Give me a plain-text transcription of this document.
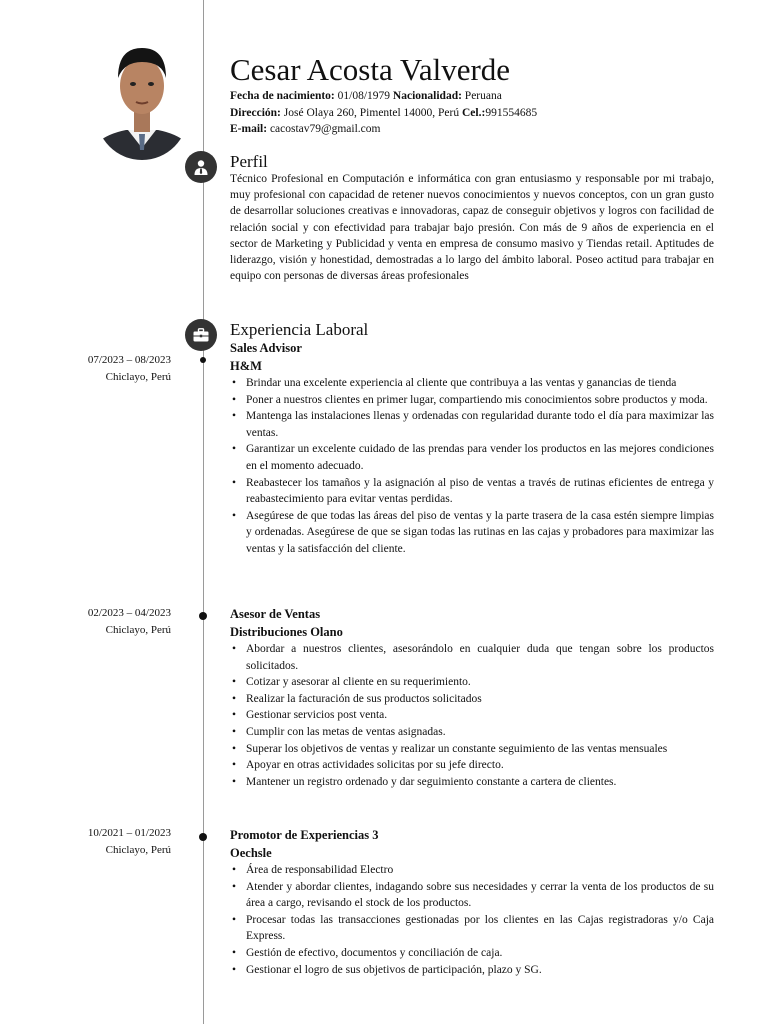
Cesar Acosta Valverde
Fecha de nacimiento: 01/08/1979 Nacionalidad: Peruana
Dirección: José Olaya 260, Pimentel 14000, Perú Cel.:991554685
E-mail: cacostav79@gmail.com
Perfil

Técnico Profesional en Computación e informática con gran entusiasmo y responsable por mi trabajo, muy profesional con capacidad de retener nuevos conocimientos y nuevos conceptos, con un gran gusto de desarrollar soluciones creativas e innovadoras, capaz de conseguir objetivos y logros con facilidad de relación social y con efectividad para trabajar bajo presión. Con más de 9 años de experiencia en el sector de Marketing y Publicidad y venta en empresa de consumo masivo y Tiendas retail. Aptitudes de liderazgo, visión y honestidad, demostradas a lo largo del ámbito laboral. Poseo actitud para trabajar en equipo con personas de diversas áreas profesionales

Experiencia Laboral
07/2023 – 08/2023
Chiclayo, Perú
Sales Advisor
H&M
• Brindar una excelente experiencia al cliente que contribuya a las ventas y ganancias de tienda
• Poner a nuestros clientes en primer lugar, compartiendo mis conocimientos sobre productos y moda.
• Mantenga las instalaciones llenas y ordenadas con regularidad durante todo el día para maximizar las ventas.
• Garantizar un excelente cuidado de las prendas para vender los productos en las mejores condiciones en el momento adecuado.
• Reabastecer los tamaños y la asignación al piso de ventas a través de rutinas eficientes de entrega y reabastecimiento para evitar ventas perdidas.
• Asegúrese de que todas las áreas del piso de ventas y la parte trasera de la casa estén siempre limpias y ordenadas. Asegúrese de que se sigan todas las rutinas en las cajas y probadores para maximizar las ventas y la satisfacción del cliente.
02/2023 – 04/2023
Chiclayo, Perú
Asesor de Ventas
Distribuciones Olano
• Abordar a nuestros clientes, asesorándolo en cualquier duda que tengan sobre los productos solicitados.
• Cotizar y asesorar al cliente en su requerimiento.
• Realizar la facturación de sus productos solicitados
• Gestionar servicios post venta.
• Cumplir con las metas de ventas asignadas.
• Superar los objetivos de ventas y realizar un constante seguimiento de las ventas mensuales
• Apoyar en otras actividades solicitas por su jefe directo.
• Mantener un registro ordenado y dar seguimiento constante a cartera de clientes.
10/2021 – 01/2023
Chiclayo, Perú
Promotor de Experiencias 3
Oechsle
• Área de responsabilidad Electro
• Atender y abordar clientes, indagando sobre sus necesidades y cerrar la venta de los productos de su área a cargo, revisando el stock de los productos.
• Procesar todas las transacciones gestionadas por los clientes en las Cajas registradoras y/o Caja Express.
• Gestión de efectivo, documentos y conciliación de caja.
• Gestionar el logro de sus objetivos de participación, plazo y SG.
